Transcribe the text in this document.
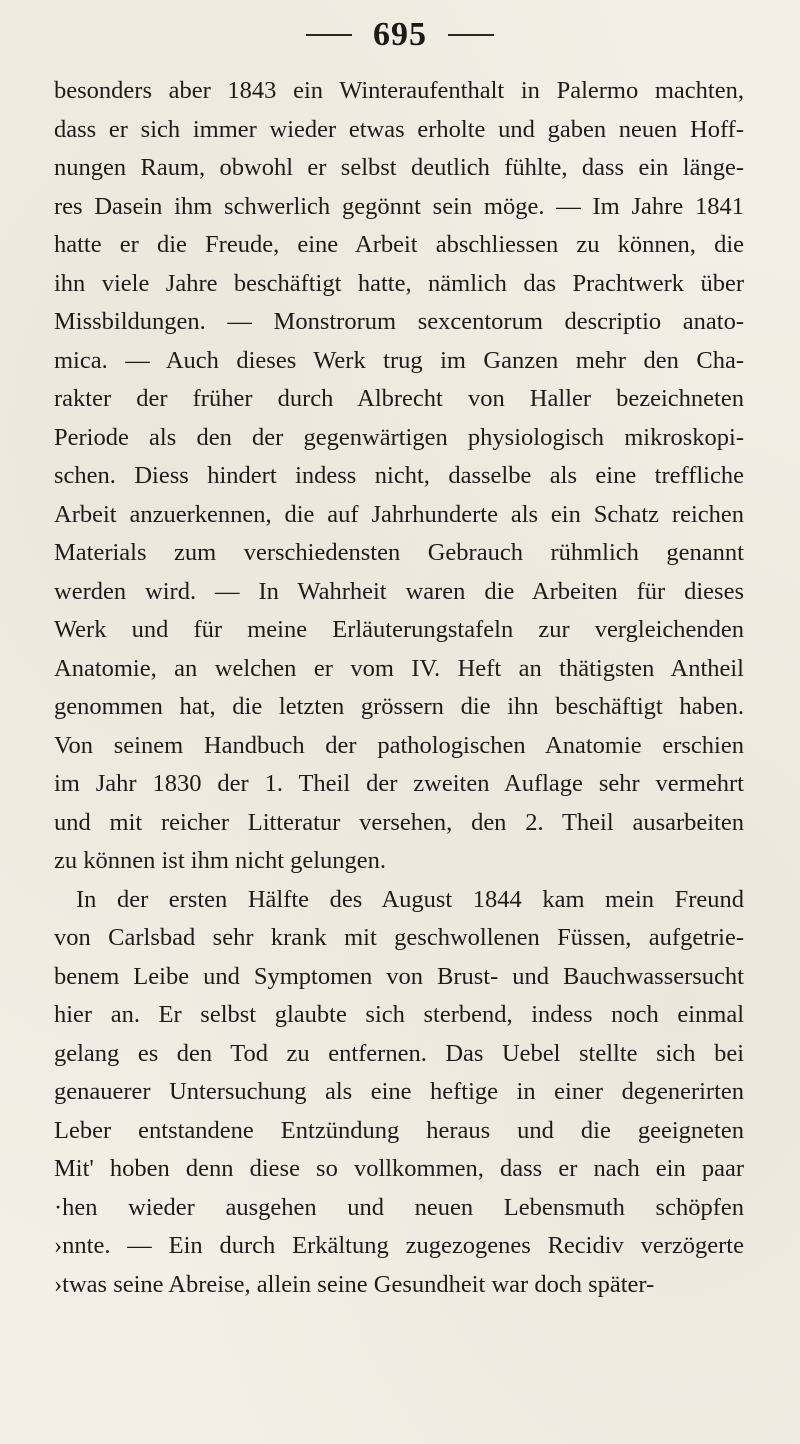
695
besonders aber 1843 ein Winteraufenthalt in Palermo machten,
dass er sich immer wieder etwas erholte und gaben neuen Hoff-
nungen Raum, obwohl er selbst deutlich fühlte, dass ein länge-
res Dasein ihm schwerlich gegönnt sein möge. — Im Jahre 1841
hatte er die Freude, eine Arbeit abschliessen zu können, die
ihn viele Jahre beschäftigt hatte, nämlich das Prachtwerk über
Missbildungen. — Monstrorum sexcentorum descriptio anato-
mica. — Auch dieses Werk trug im Ganzen mehr den Cha-
rakter der früher durch Albrecht von Haller bezeichneten
Periode als den der gegenwärtigen physiologisch mikroskopi-
schen. Diess hindert indess nicht, dasselbe als eine treffliche
Arbeit anzuerkennen, die auf Jahrhunderte als ein Schatz reichen
Materials zum verschiedensten Gebrauch rühmlich genannt
werden wird. — In Wahrheit waren die Arbeiten für dieses
Werk und für meine Erläuterungstafeln zur vergleichenden
Anatomie, an welchen er vom IV. Heft an thätigsten Antheil
genommen hat, die letzten grössern die ihn beschäftigt haben.
Von seinem Handbuch der pathologischen Anatomie erschien
im Jahr 1830 der 1. Theil der zweiten Auflage sehr vermehrt
und mit reicher Litteratur versehen, den 2. Theil ausarbeiten
zu können ist ihm nicht gelungen.
In der ersten Hälfte des August 1844 kam mein Freund
von Carlsbad sehr krank mit geschwollenen Füssen, aufgetrie-
benem Leibe und Symptomen von Brust- und Bauchwassersucht
hier an. Er selbst glaubte sich sterbend, indess noch einmal
gelang es den Tod zu entfernen. Das Uebel stellte sich bei
genauerer Untersuchung als eine heftige in einer degenerirten
Leber entstandene Entzündung heraus und die geeigneten
Mit' hoben denn diese so vollkommen, dass er nach ein paar
·hen wieder ausgehen und neuen Lebensmuth schöpfen
›nnte. — Ein durch Erkältung zugezogenes Recidiv verzögerte
›twas seine Abreise, allein seine Gesundheit war doch später-
